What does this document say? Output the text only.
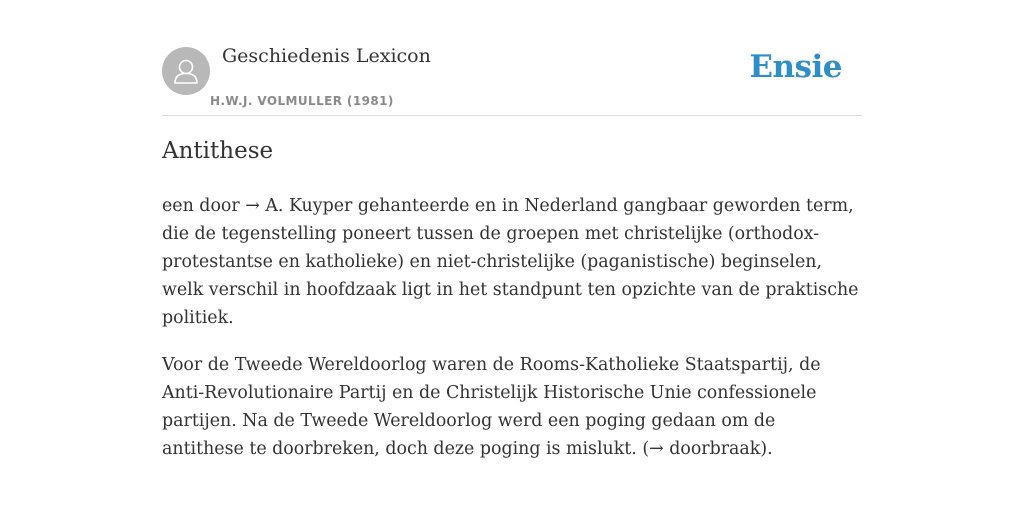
Geschiedenis Lexicon
H.W.J. VOLMULLER (1981)
Ensie
Antithese

een door → A. Kuyper gehanteerde en in Nederland gangbaar geworden term, die de tegenstelling poneert tussen de groepen met christelijke (orthodox-protestantse en katholieke) en niet-christelijke (paganistische) beginselen, welk verschil in hoofdzaak ligt in het standpunt ten opzichte van de praktische politiek.

Voor de Tweede Wereldoorlog waren de Rooms-Katholieke Staatspartij, de Anti-Revolutionaire Partij en de Christelijk Historische Unie confessionele partijen. Na de Tweede Wereldoorlog werd een poging gedaan om de antithese te doorbreken, doch deze poging is mislukt. (→ doorbraak).
